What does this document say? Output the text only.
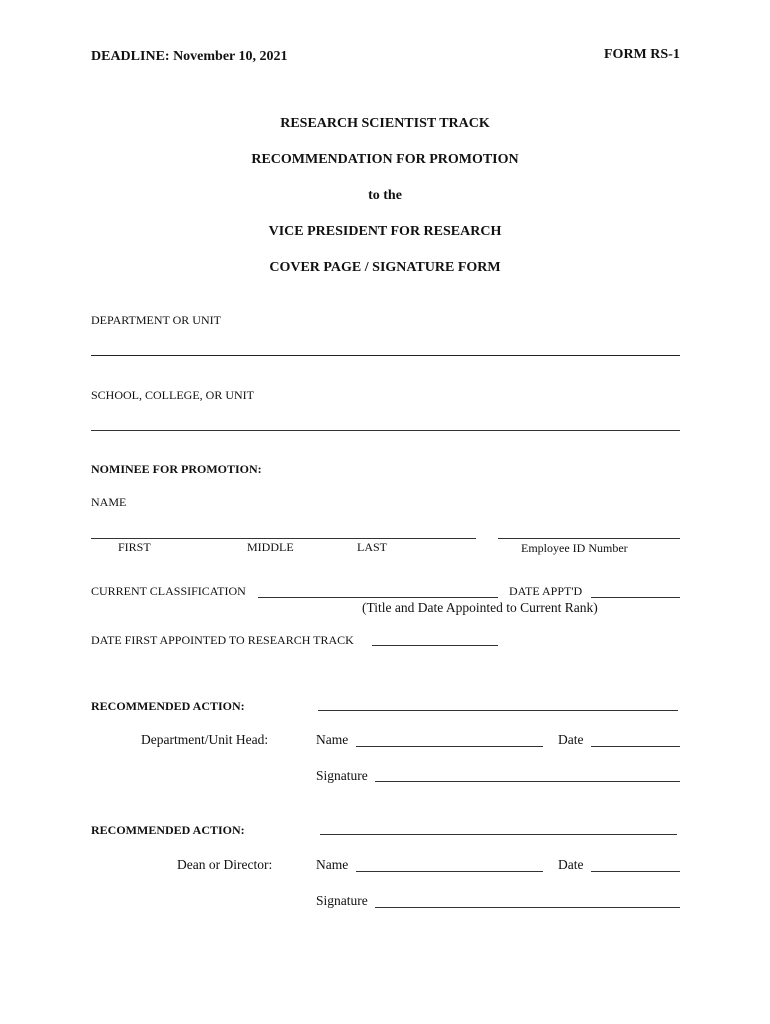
DEADLINE: November 10, 2021	FORM RS-1
RESEARCH SCIENTIST TRACK
RECOMMENDATION FOR PROMOTION
to the
VICE PRESIDENT FOR RESEARCH
COVER PAGE / SIGNATURE FORM
DEPARTMENT OR UNIT
SCHOOL, COLLEGE, OR UNIT
NOMINEE FOR PROMOTION:
NAME
FIRST	MIDDLE	LAST	Employee ID Number
CURRENT CLASSIFICATION	DATE APPT'D
(Title and Date Appointed to Current Rank)
DATE FIRST APPOINTED TO RESEARCH TRACK
RECOMMENDED ACTION:
Department/Unit Head:	Name	Date
Signature
RECOMMENDED ACTION:
Dean or Director:	Name	Date
Signature
